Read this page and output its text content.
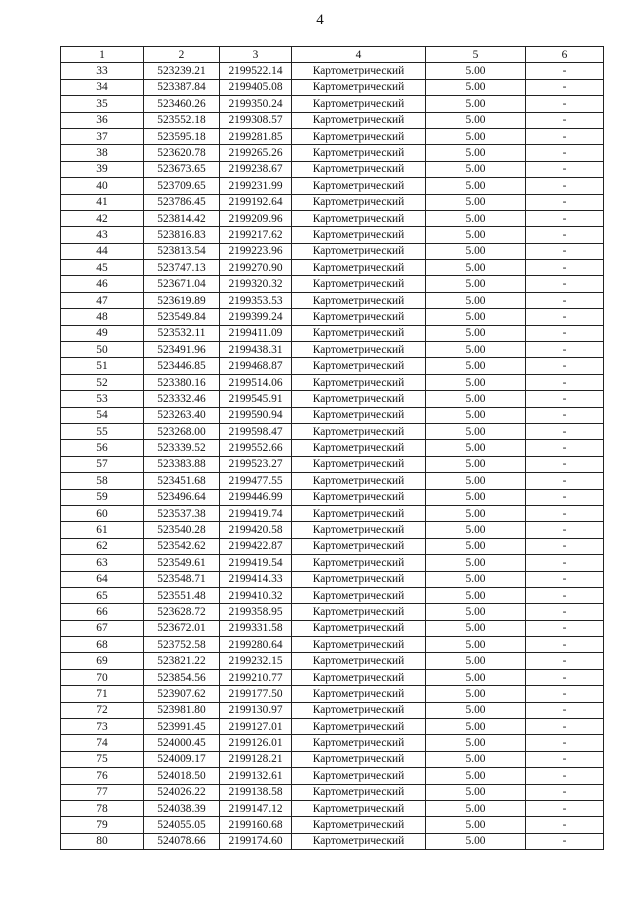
4
1	2	3	4	5	6
33	523239.21	2199522.14	Картометрический	5.00	-
34	523387.84	2199405.08	Картометрический	5.00	-
35	523460.26	2199350.24	Картометрический	5.00	-
36	523552.18	2199308.57	Картометрический	5.00	-
37	523595.18	2199281.85	Картометрический	5.00	-
38	523620.78	2199265.26	Картометрический	5.00	-
39	523673.65	2199238.67	Картометрический	5.00	-
40	523709.65	2199231.99	Картометрический	5.00	-
41	523786.45	2199192.64	Картометрический	5.00	-
42	523814.42	2199209.96	Картометрический	5.00	-
43	523816.83	2199217.62	Картометрический	5.00	-
44	523813.54	2199223.96	Картометрический	5.00	-
45	523747.13	2199270.90	Картометрический	5.00	-
46	523671.04	2199320.32	Картометрический	5.00	-
47	523619.89	2199353.53	Картометрический	5.00	-
48	523549.84	2199399.24	Картометрический	5.00	-
49	523532.11	2199411.09	Картометрический	5.00	-
50	523491.96	2199438.31	Картометрический	5.00	-
51	523446.85	2199468.87	Картометрический	5.00	-
52	523380.16	2199514.06	Картометрический	5.00	-
53	523332.46	2199545.91	Картометрический	5.00	-
54	523263.40	2199590.94	Картометрический	5.00	-
55	523268.00	2199598.47	Картометрический	5.00	-
56	523339.52	2199552.66	Картометрический	5.00	-
57	523383.88	2199523.27	Картометрический	5.00	-
58	523451.68	2199477.55	Картометрический	5.00	-
59	523496.64	2199446.99	Картометрический	5.00	-
60	523537.38	2199419.74	Картометрический	5.00	-
61	523540.28	2199420.58	Картометрический	5.00	-
62	523542.62	2199422.87	Картометрический	5.00	-
63	523549.61	2199419.54	Картометрический	5.00	-
64	523548.71	2199414.33	Картометрический	5.00	-
65	523551.48	2199410.32	Картометрический	5.00	-
66	523628.72	2199358.95	Картометрический	5.00	-
67	523672.01	2199331.58	Картометрический	5.00	-
68	523752.58	2199280.64	Картометрический	5.00	-
69	523821.22	2199232.15	Картометрический	5.00	-
70	523854.56	2199210.77	Картометрический	5.00	-
71	523907.62	2199177.50	Картометрический	5.00	-
72	523981.80	2199130.97	Картометрический	5.00	-
73	523991.45	2199127.01	Картометрический	5.00	-
74	524000.45	2199126.01	Картометрический	5.00	-
75	524009.17	2199128.21	Картометрический	5.00	-
76	524018.50	2199132.61	Картометрический	5.00	-
77	524026.22	2199138.58	Картометрический	5.00	-
78	524038.39	2199147.12	Картометрический	5.00	-
79	524055.05	2199160.68	Картометрический	5.00	-
80	524078.66	2199174.60	Картометрический	5.00	-
